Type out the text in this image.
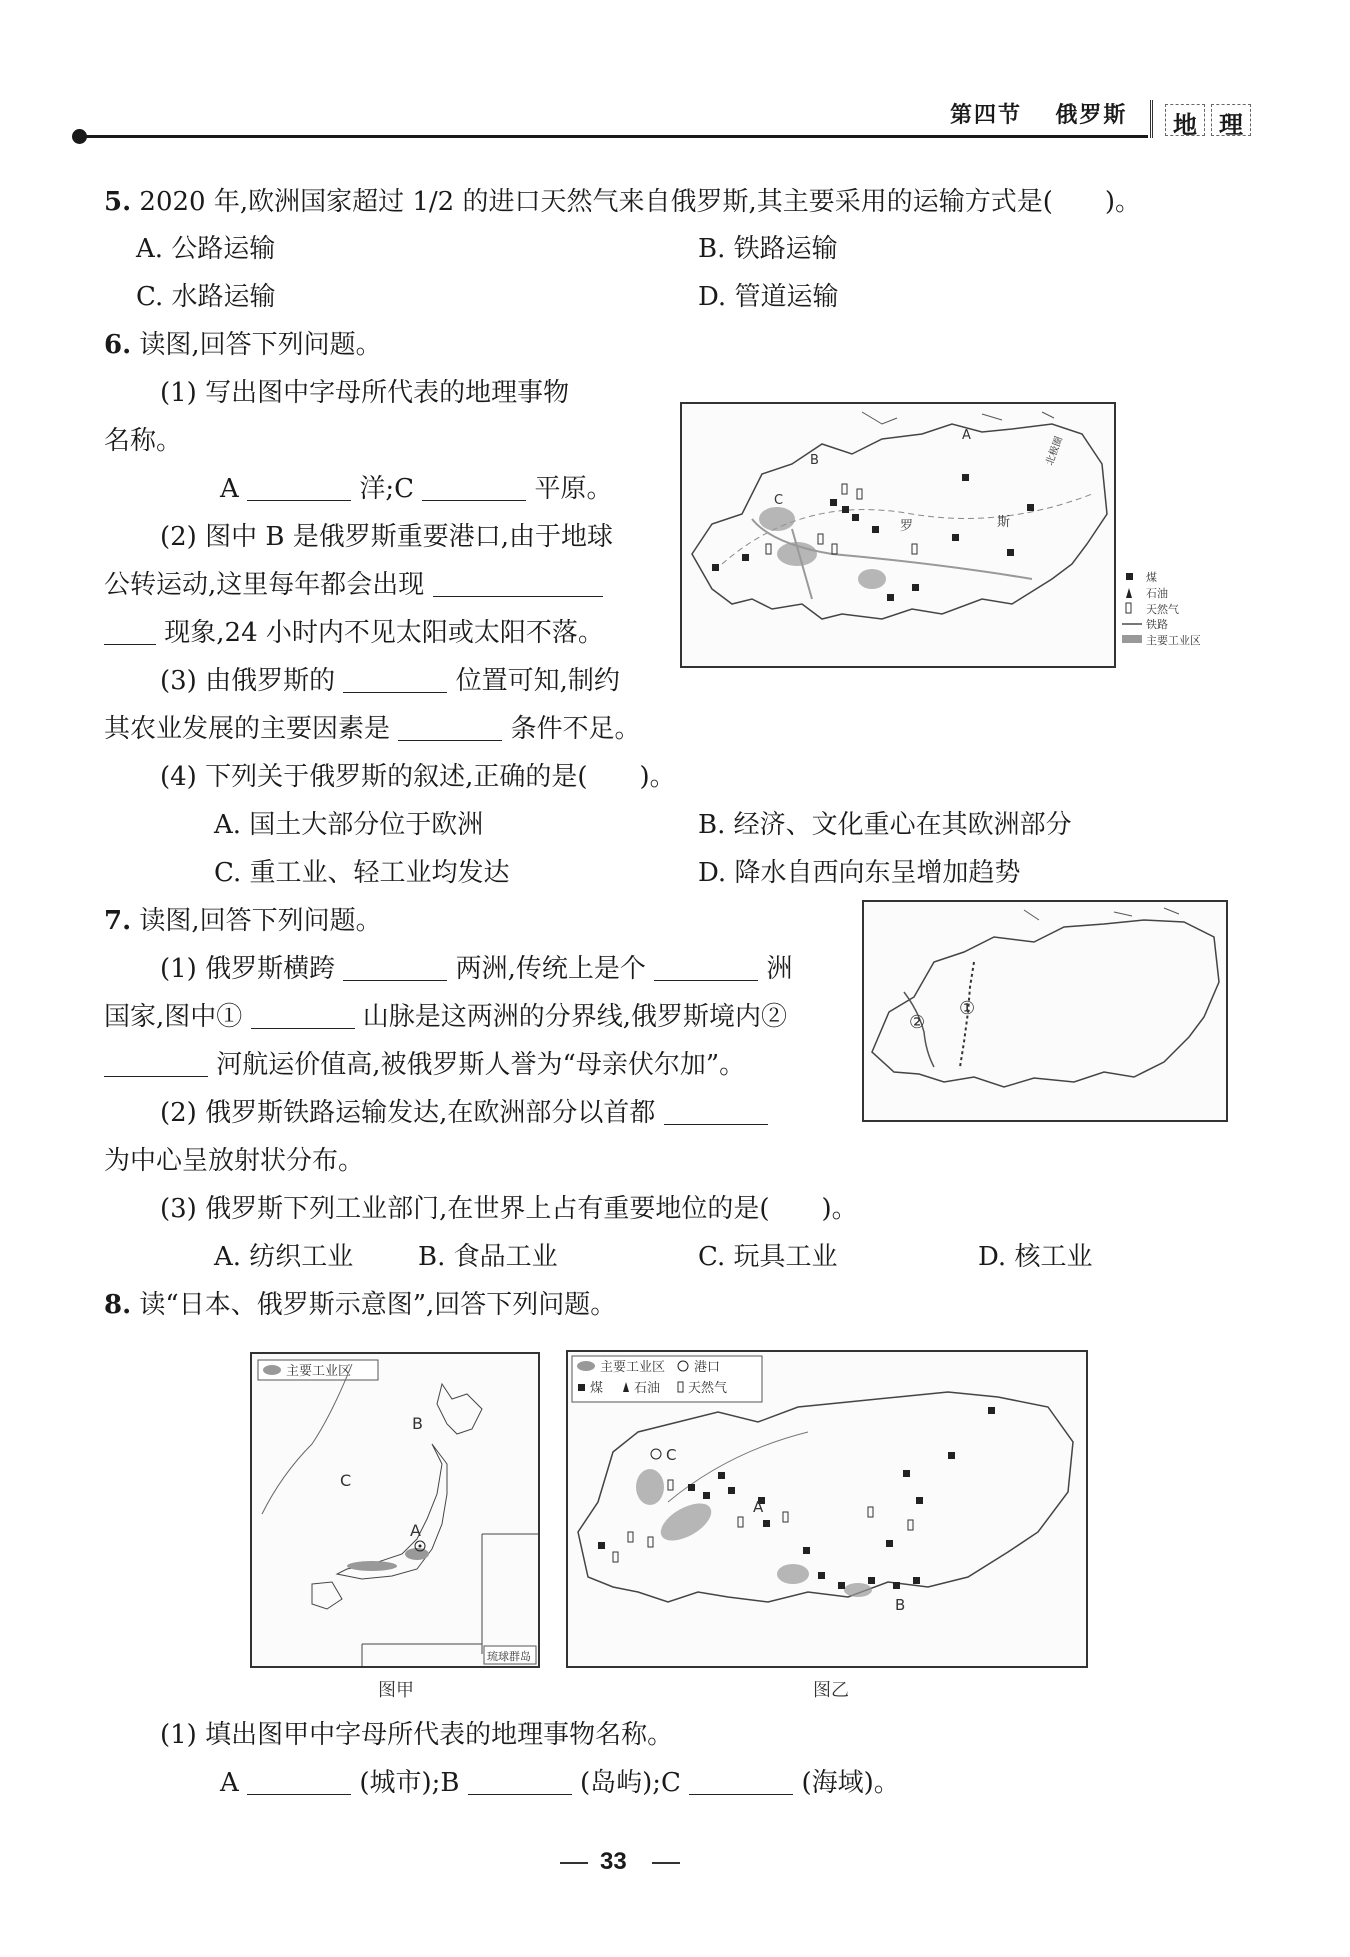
第四节 俄罗斯	地 理
5. 2020 年,欧洲国家超过 1/2 的进口天然气来自俄罗斯,其主要采用的运输方式是(　　)。
A. 公路运输	B. 铁路运输
C. 水路运输	D. 管道运输
6. 读图,回答下列问题。
(1) 写出图中字母所代表的地理事物
名称。
A	洋;C	平原。
(2) 图中 B 是俄罗斯重要港口,由于地球
公转运动,这里每年都会出现
现象,24 小时内不见太阳或太阳不落。
(3) 由俄罗斯的	位置可知,制约
其农业发展的主要因素是	条件不足。
(4) 下列关于俄罗斯的叙述,正确的是(　　)。
A. 国土大部分位于欧洲	B. 经济、文化重心在其欧洲部分
C. 重工业、轻工业均发达	D. 降水自西向东呈增加趋势
A
B
C
罗	斯
北极圈
煤
石油
天然气
铁路
主要工业区
7. 读图,回答下列问题。
(1) 俄罗斯横跨	两洲,传统上是个	洲
国家,图中①	山脉是这两洲的分界线,俄罗斯境内②
河航运价值高,被俄罗斯人誉为“母亲伏尔加”。
(2) 俄罗斯铁路运输发达,在欧洲部分以首都
为中心呈放射状分布。
(3) 俄罗斯下列工业部门,在世界上占有重要地位的是(　　)。
A. 纺织工业 B. 食品工业	C. 玩具工业	D. 核工业
①
②
8. 读“日本、俄罗斯示意图”,回答下列问题。
主要工业区
B
C
A
琉球群岛
图甲
主要工业区 港口
煤 石油 天然气
C
A
B
图乙
(1) 填出图甲中字母所代表的地理事物名称。
A	(城市);B	(岛屿);C	(海域)。
33
